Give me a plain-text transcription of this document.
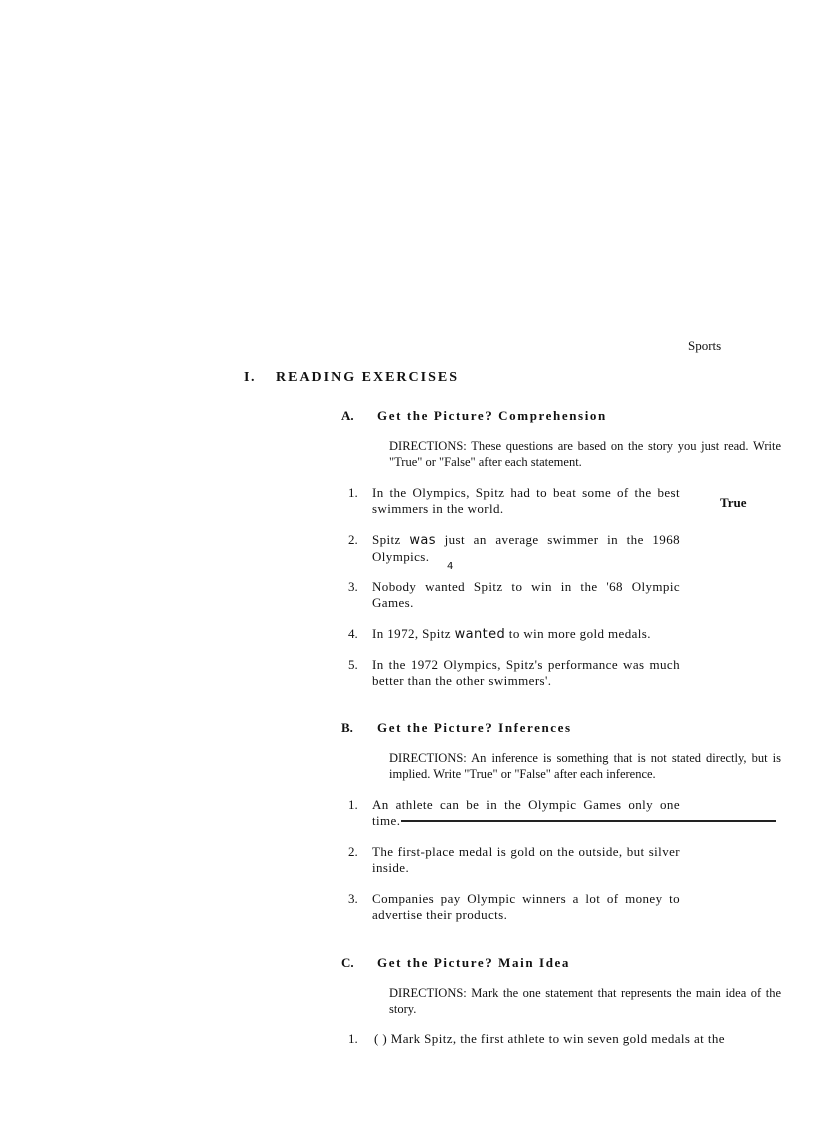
Sports
I. READING EXERCISES
A. Get the Picture? Comprehension
DIRECTIONS: These questions are based on the story you just read. Write "True" or "False" after each statement.
1. In the Olympics, Spitz had to beat some of the best swimmers in the world.	True
2. Spitz was just an average swimmer in the 1968 Olympics.
4
3. Nobody wanted Spitz to win in the '68 Olympic Games.
4. In 1972, Spitz wanted to win more gold medals.
5. In the 1972 Olympics, Spitz's performance was much better than the other swimmers'.
B. Get the Picture? Inferences
DIRECTIONS: An inference is something that is not stated directly, but is implied. Write "True" or "False" after each inference.
1. An athlete can be in the Olympic Games only one time.
2. The first-place medal is gold on the outside, but silver inside.
3. Companies pay Olympic winners a lot of money to advertise their products.
C. Get the Picture? Main Idea
DIRECTIONS: Mark the one statement that represents the main idea of the story.
1. ( ) Mark Spitz, the first athlete to win seven gold medals at the
